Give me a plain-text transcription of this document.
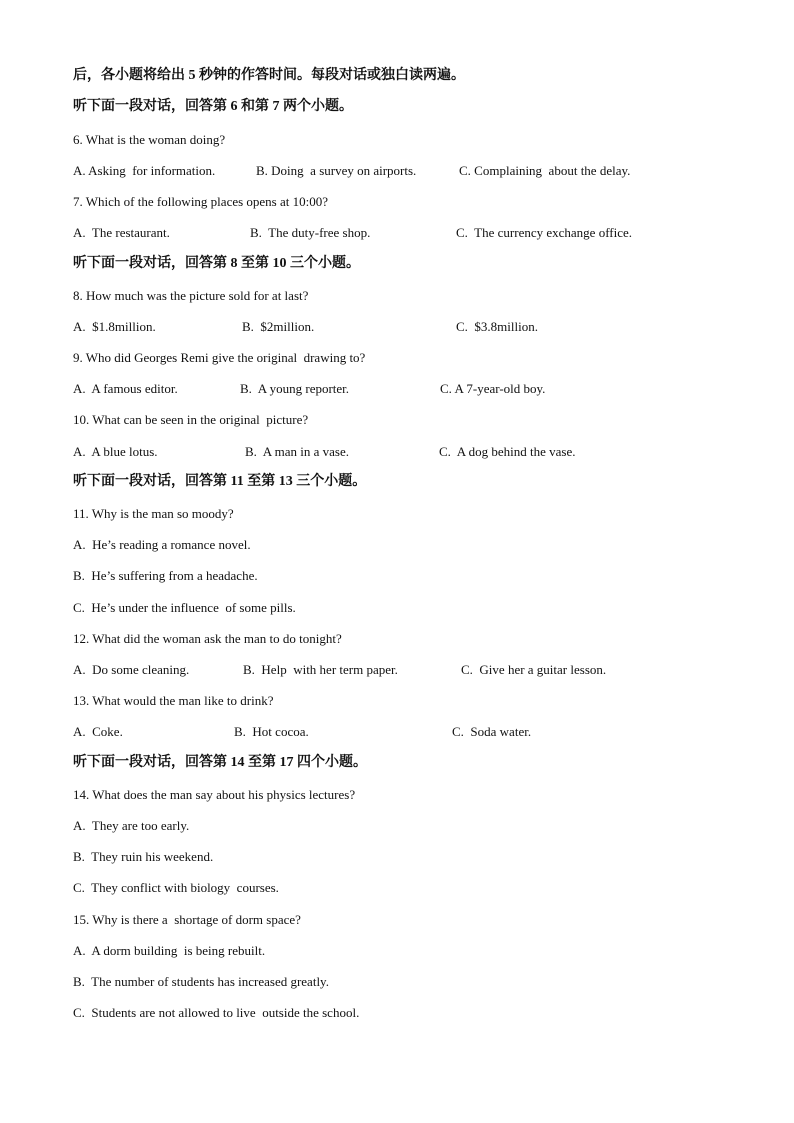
后，各小题将给出 5 秒钟的作答时间。每段对话或独白读两遍。
听下面一段对话，回答第 6 和第 7 两个小题。
6. What is the woman doing?
A. Asking  for information.	B. Doing  a survey on airports.	C. Complaining  about the delay.
7. Which of the following places opens at 10:00?
A.  The restaurant.	B.  The duty-free shop.	C.  The currency exchange office.
听下面一段对话，回答第 8 至第 10 三个小题。
8. How much was the picture sold for at last?
A.  $1.8million.	B.  $2million.	C.  $3.8million.
9. Who did Georges Remi give the original  drawing to?
A.  A famous editor.	B.  A young reporter.	C. A 7-year-old boy.
10. What can be seen in the original  picture?
A.  A blue lotus.	B.  A man in a vase.	C.  A dog behind the vase.
听下面一段对话，回答第 11 至第 13 三个小题。
11. Why is the man so moody?
A.  He’s reading a romance novel.
B.  He’s suffering from a headache.
C.  He’s under the influence  of some pills.
12. What did the woman ask the man to do tonight?
A.  Do some cleaning.	B.  Help  with her term paper.	C.  Give her a guitar lesson.
13. What would the man like to drink?
A.  Coke.	B.  Hot cocoa.	C.  Soda water.
听下面一段对话，回答第 14 至第 17 四个小题。
14. What does the man say about his physics lectures?
A.  They are too early.
B.  They ruin his weekend.
C.  They conflict with biology  courses.
15. Why is there a  shortage of dorm space?
A.  A dorm building  is being rebuilt.
B.  The number of students has increased greatly.
C.  Students are not allowed to live  outside the school.
